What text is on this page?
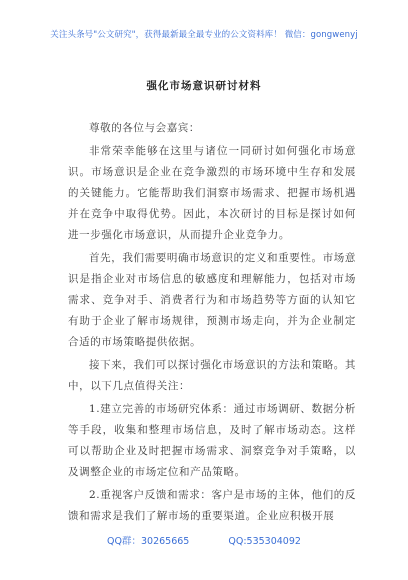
关注头条号"公文研究"，获得最新最全最专业的公文资料库！ 微信：gongwenyj
强化市场意识研讨材料

尊敬的各位与会嘉宾：

非常荣幸能够在这里与诸位一同研讨如何强化市场意识。市场意识是企业在竞争激烈的市场环境中生存和发展的关键能力。它能帮助我们洞察市场需求、把握市场机遇并在竞争中取得优势。因此，本次研讨的目标是探讨如何进一步强化市场意识，从而提升企业竞争力。

首先，我们需要明确市场意识的定义和重要性。市场意识是指企业对市场信息的敏感度和理解能力，包括对市场需求、竞争对手、消费者行为和市场趋势等方面的认知它有助于企业了解市场规律，预测市场走向，并为企业制定合适的市场策略提供依据。

接下来，我们可以探讨强化市场意识的方法和策略。其中，以下几点值得关注：

1.建立完善的市场研究体系：通过市场调研、数据分析等手段，收集和整理市场信息，及时了解市场动态。这样可以帮助企业及时把握市场需求、洞察竞争对手策略，以及调整企业的市场定位和产品策略。

2.重视客户反馈和需求：客户是市场的主体，他们的反馈和需求是我们了解市场的重要渠道。企业应积极开展

QQ群：30265665	QQ:535304092
